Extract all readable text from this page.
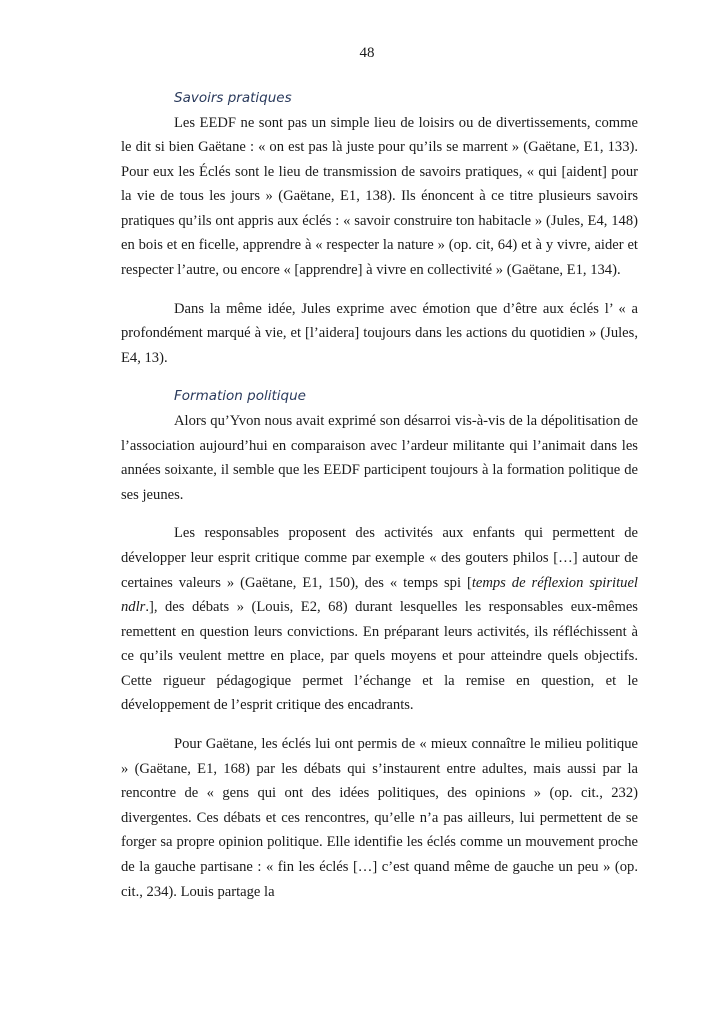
48

Savoirs pratiques

Les EEDF ne sont pas un simple lieu de loisirs ou de divertissements, comme le dit si bien Gaëtane : « on est pas là juste pour qu’ils se marrent » (Gaëtane, E1, 133). Pour eux les Éclés sont le lieu de transmission de savoirs pratiques, « qui [aident] pour la vie de tous les jours » (Gaëtane, E1, 138). Ils énoncent à ce titre plusieurs savoirs pratiques qu’ils ont appris aux éclés : « savoir construire ton habitacle » (Jules, E4, 148) en bois et en ficelle, apprendre à « respecter la nature » (op. cit, 64) et à y vivre, aider et respecter l’autre, ou encore « [apprendre] à vivre en collectivité » (Gaëtane, E1, 134).

Dans la même idée, Jules exprime avec émotion que d’être aux éclés l’ « a profondément marqué à vie, et [l’aidera] toujours dans les actions du quotidien » (Jules, E4, 13).

Formation politique

Alors qu’Yvon nous avait exprimé son désarroi vis-à-vis de la dépolitisation de l’association aujourd’hui en comparaison avec l’ardeur militante qui l’animait dans les années soixante, il semble que les EEDF participent toujours à la formation politique de ses jeunes.

Les responsables proposent des activités aux enfants qui permettent de développer leur esprit critique comme par exemple « des gouters philos […] autour de certaines valeurs » (Gaëtane, E1, 150), des « temps spi [temps de réflexion spirituel ndlr.], des débats » (Louis, E2, 68) durant lesquelles les responsables eux-mêmes remettent en question leurs convictions. En préparant leurs activités, ils réfléchissent à ce qu’ils veulent mettre en place, par quels moyens et pour atteindre quels objectifs. Cette rigueur pédagogique permet l’échange et la remise en question, et le développement de l’esprit critique des encadrants.

Pour Gaëtane, les éclés lui ont permis de « mieux connaître le milieu politique » (Gaëtane, E1, 168) par les débats qui s’instaurent entre adultes, mais aussi par la rencontre de « gens qui ont des idées politiques, des opinions » (op. cit., 232) divergentes. Ces débats et ces rencontres, qu’elle n’a pas ailleurs, lui permettent de se forger sa propre opinion politique. Elle identifie les éclés comme un mouvement proche de la gauche partisane : « fin les éclés […] c’est quand même de gauche un peu » (op. cit., 234). Louis partage la
